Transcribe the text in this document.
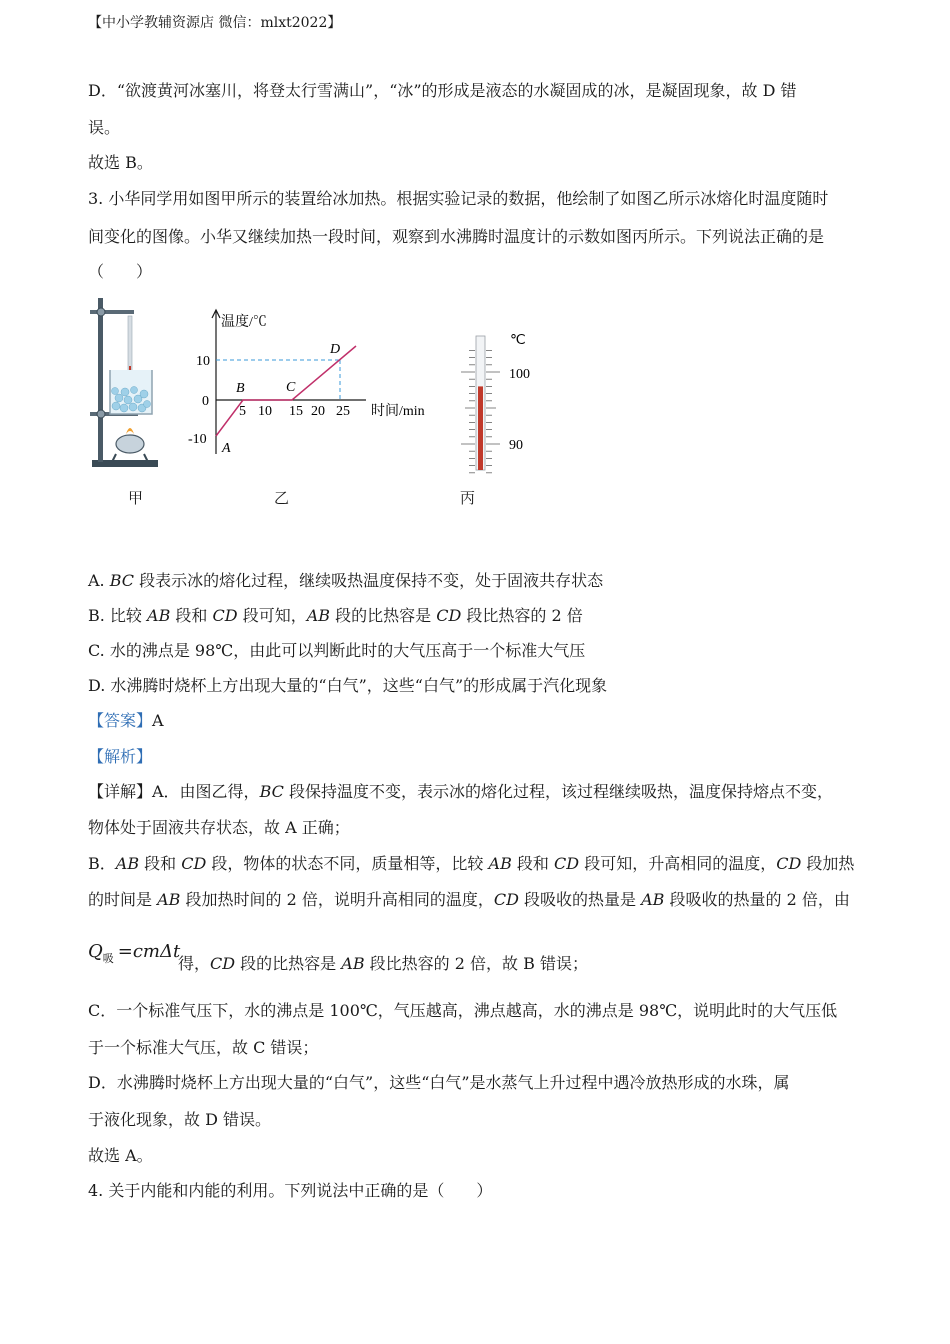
【中小学教辅资源店 微信：mlxt2022】
D．“欲渡黄河冰塞川，将登太行雪满山”，“冰”的形成是液态的水凝固成的冰，是凝固现象，故 D 错
误。
故选 B。
3. 小华同学用如图甲所示的装置给冰加热。根据实验记录的数据，他绘制了如图乙所示冰熔化时温度随时
间变化的图像。小华又继续加热一段时间，观察到水沸腾时温度计的示数如图丙所示。下列说法正确的是
（　　）
温度/℃
时间/min
10
0
-10
5 10 15 20 25
A
B	C
D
℃
100
90
甲	乙	丙
A. BC 段表示冰的熔化过程，继续吸热温度保持不变，处于固液共存状态
B. 比较 AB 段和 CD 段可知，AB 段的比热容是 CD 段比热容的 2 倍
C. 水的沸点是 98℃，由此可以判断此时的大气压高于一个标准大气压
D. 水沸腾时烧杯上方出现大量的“白气”，这些“白气”的形成属于汽化现象
【答案】A
【解析】
【详解】A．由图乙得，BC 段保持温度不变，表示冰的熔化过程，该过程继续吸热，温度保持熔点不变，
物体处于固液共存状态，故 A 正确；
B．AB 段和 CD 段，物体的状态不同，质量相等，比较 AB 段和 CD 段可知，升高相同的温度，CD 段加热
的时间是 AB 段加热时间的 2 倍，说明升高相同的温度，CD 段吸收的热量是 AB 段吸收的热量的 2 倍，由
$Q_吸 =cm\Delta t$
得，CD 段的比热容是 AB 段比热容的 2 倍，故 B 错误；
C．一个标准气压下，水的沸点是 100℃，气压越高，沸点越高，水的沸点是 98℃，说明此时的大气压低
于一个标准大气压，故 C 错误；
D．水沸腾时烧杯上方出现大量的“白气”，这些“白气”是水蒸气上升过程中遇冷放热形成的水珠，属
于液化现象，故 D 错误。
故选 A。
4. 关于内能和内能的利用。下列说法中正确的是（　　）
